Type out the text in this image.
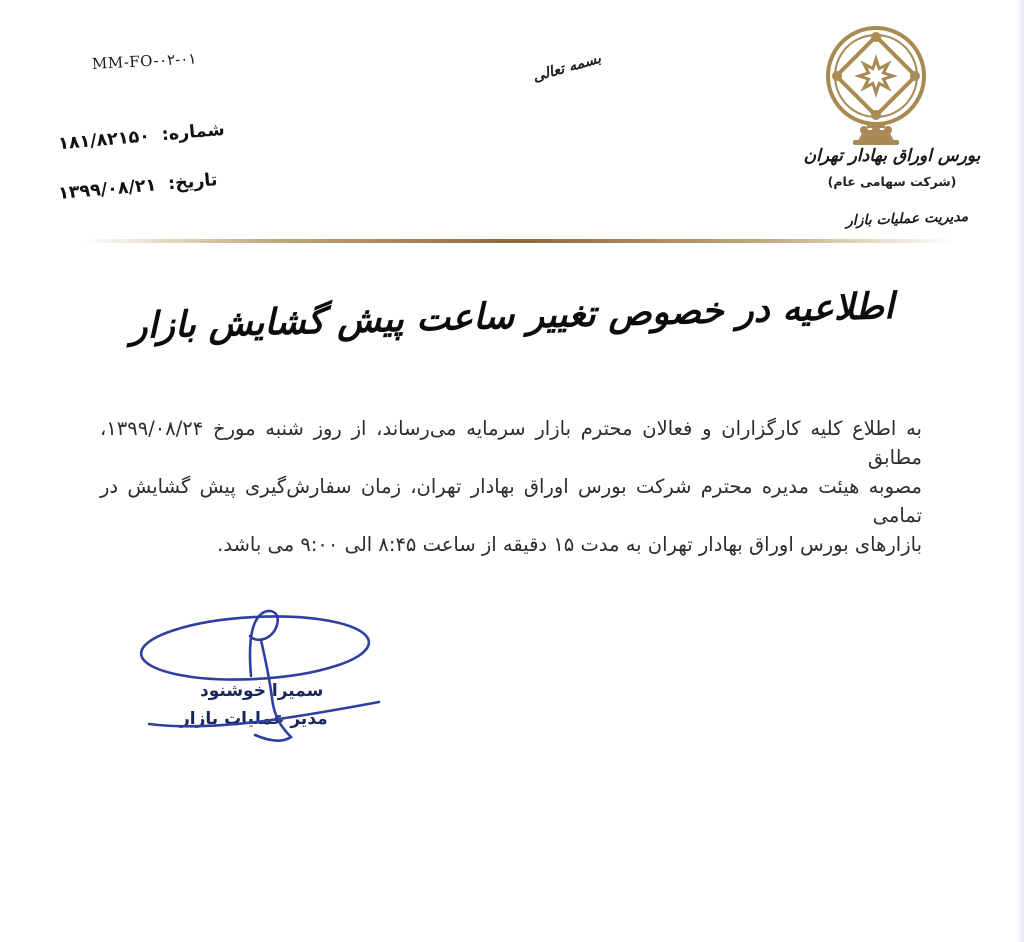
MM-FO-۰۲-۰۱
شماره: ۱۸۱/۸۲۱۵۰
تاریخ: ۱۳۹۹/۰۸/۲۱
بسمه تعالی
بورس اوراق بهادار تهران
(شرکت سهامی عام)
مدیریت عملیات بازار
اطلاعیه در خصوص تغییر ساعت پیش گشایش بازار
به اطلاع کلیه کارگزاران و فعالان محترم بازار سرمایه می‌رساند، از روز شنبه مورخ ۱۳۹۹/۰۸/۲۴، مطابق
مصوبه هیئت مدیره محترم شرکت بورس اوراق بهادار تهران، زمان سفارش‌گیری پیش گشایش در تمامی
بازارهای بورس اوراق بهادار تهران به مدت ۱۵ دقیقه از ساعت ۸:۴۵ الی ۹:۰۰ می باشد.
سمیرا خوشنود
مدیر عملیات بازار
